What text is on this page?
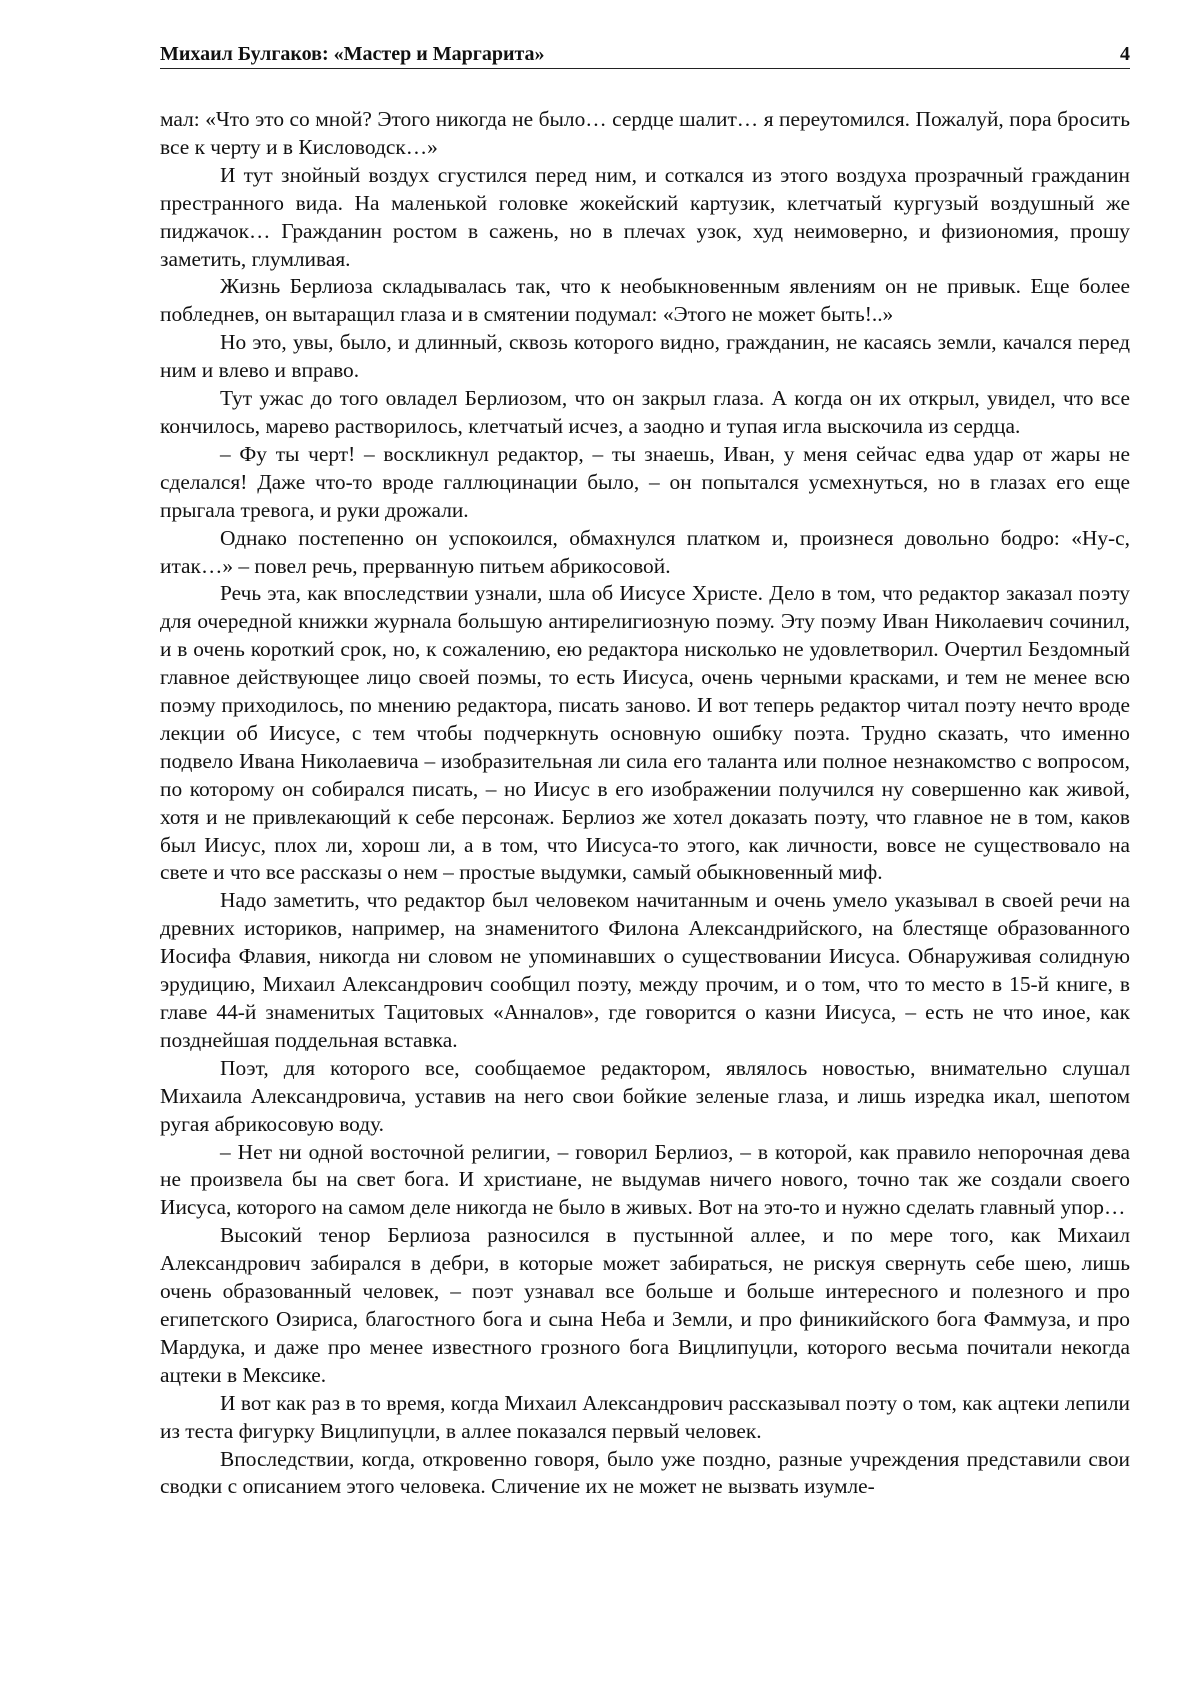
Михаил Булгаков: «Мастер и Маргарита»	4

мал: «Что это со мной? Этого никогда не было… сердце шалит… я переутомился. Пожалуй, пора бросить все к черту и в Кисловодск…»

И тут знойный воздух сгустился перед ним, и соткался из этого воздуха прозрачный гражданин престранного вида. На маленькой головке жокейский картузик, клетчатый кургузый воздушный же пиджачок… Гражданин ростом в сажень, но в плечах узок, худ неимоверно, и физиономия, прошу заметить, глумливая.

Жизнь Берлиоза складывалась так, что к необыкновенным явлениям он не привык. Еще более побледнев, он вытаращил глаза и в смятении подумал: «Этого не может быть!..»

Но это, увы, было, и длинный, сквозь которого видно, гражданин, не касаясь земли, качался перед ним и влево и вправо.

Тут ужас до того овладел Берлиозом, что он закрыл глаза. А когда он их открыл, увидел, что все кончилось, марево растворилось, клетчатый исчез, а заодно и тупая игла выскочила из сердца.

– Фу ты черт! – воскликнул редактор, – ты знаешь, Иван, у меня сейчас едва удар от жары не сделался! Даже что-то вроде галлюцинации было, – он попытался усмехнуться, но в глазах его еще прыгала тревога, и руки дрожали.

Однако постепенно он успокоился, обмахнулся платком и, произнеся довольно бодро: «Ну-с, итак…» – повел речь, прерванную питьем абрикосовой.

Речь эта, как впоследствии узнали, шла об Иисусе Христе. Дело в том, что редактор заказал поэту для очередной книжки журнала большую антирелигиозную поэму. Эту поэму Иван Николаевич сочинил, и в очень короткий срок, но, к сожалению, ею редактора нисколько не удовлетворил. Очертил Бездомный главное действующее лицо своей поэмы, то есть Иисуса, очень черными красками, и тем не менее всю поэму приходилось, по мнению редактора, писать заново. И вот теперь редактор читал поэту нечто вроде лекции об Иисусе, с тем чтобы подчеркнуть основную ошибку поэта. Трудно сказать, что именно подвело Ивана Николаевича – изобразительная ли сила его таланта или полное незнакомство с вопросом, по которому он собирался писать, – но Иисус в его изображении получился ну совершенно как живой, хотя и не привлекающий к себе персонаж. Берлиоз же хотел доказать поэту, что главное не в том, каков был Иисус, плох ли, хорош ли, а в том, что Иисуса-то этого, как личности, вовсе не существовало на свете и что все рассказы о нем – простые выдумки, самый обыкновенный миф.

Надо заметить, что редактор был человеком начитанным и очень умело указывал в своей речи на древних историков, например, на знаменитого Филона Александрийского, на блестяще образованного Иосифа Флавия, никогда ни словом не упоминавших о существовании Иисуса. Обнаруживая солидную эрудицию, Михаил Александрович сообщил поэту, между прочим, и о том, что то место в 15-й книге, в главе 44-й знаменитых Тацитовых «Анналов», где говорится о казни Иисуса, – есть не что иное, как позднейшая поддельная вставка.

Поэт, для которого все, сообщаемое редактором, являлось новостью, внимательно слушал Михаила Александровича, уставив на него свои бойкие зеленые глаза, и лишь изредка икал, шепотом ругая абрикосовую воду.

– Нет ни одной восточной религии, – говорил Берлиоз, – в которой, как правило непорочная дева не произвела бы на свет бога. И христиане, не выдумав ничего нового, точно так же создали своего Иисуса, которого на самом деле никогда не было в живых. Вот на это-то и нужно сделать главный упор…

Высокий тенор Берлиоза разносился в пустынной аллее, и по мере того, как Михаил Александрович забирался в дебри, в которые может забираться, не рискуя свернуть себе шею, лишь очень образованный человек, – поэт узнавал все больше и больше интересного и полезного и про египетского Озириса, благостного бога и сына Неба и Земли, и про финикийского бога Фаммуза, и про Мардука, и даже про менее известного грозного бога Вицлипуцли, которого весьма почитали некогда ацтеки в Мексике.

И вот как раз в то время, когда Михаил Александрович рассказывал поэту о том, как ацтеки лепили из теста фигурку Вицлипуцли, в аллее показался первый человек.

Впоследствии, когда, откровенно говоря, было уже поздно, разные учреждения представили свои сводки с описанием этого человека. Сличение их не может не вызвать изумле-
